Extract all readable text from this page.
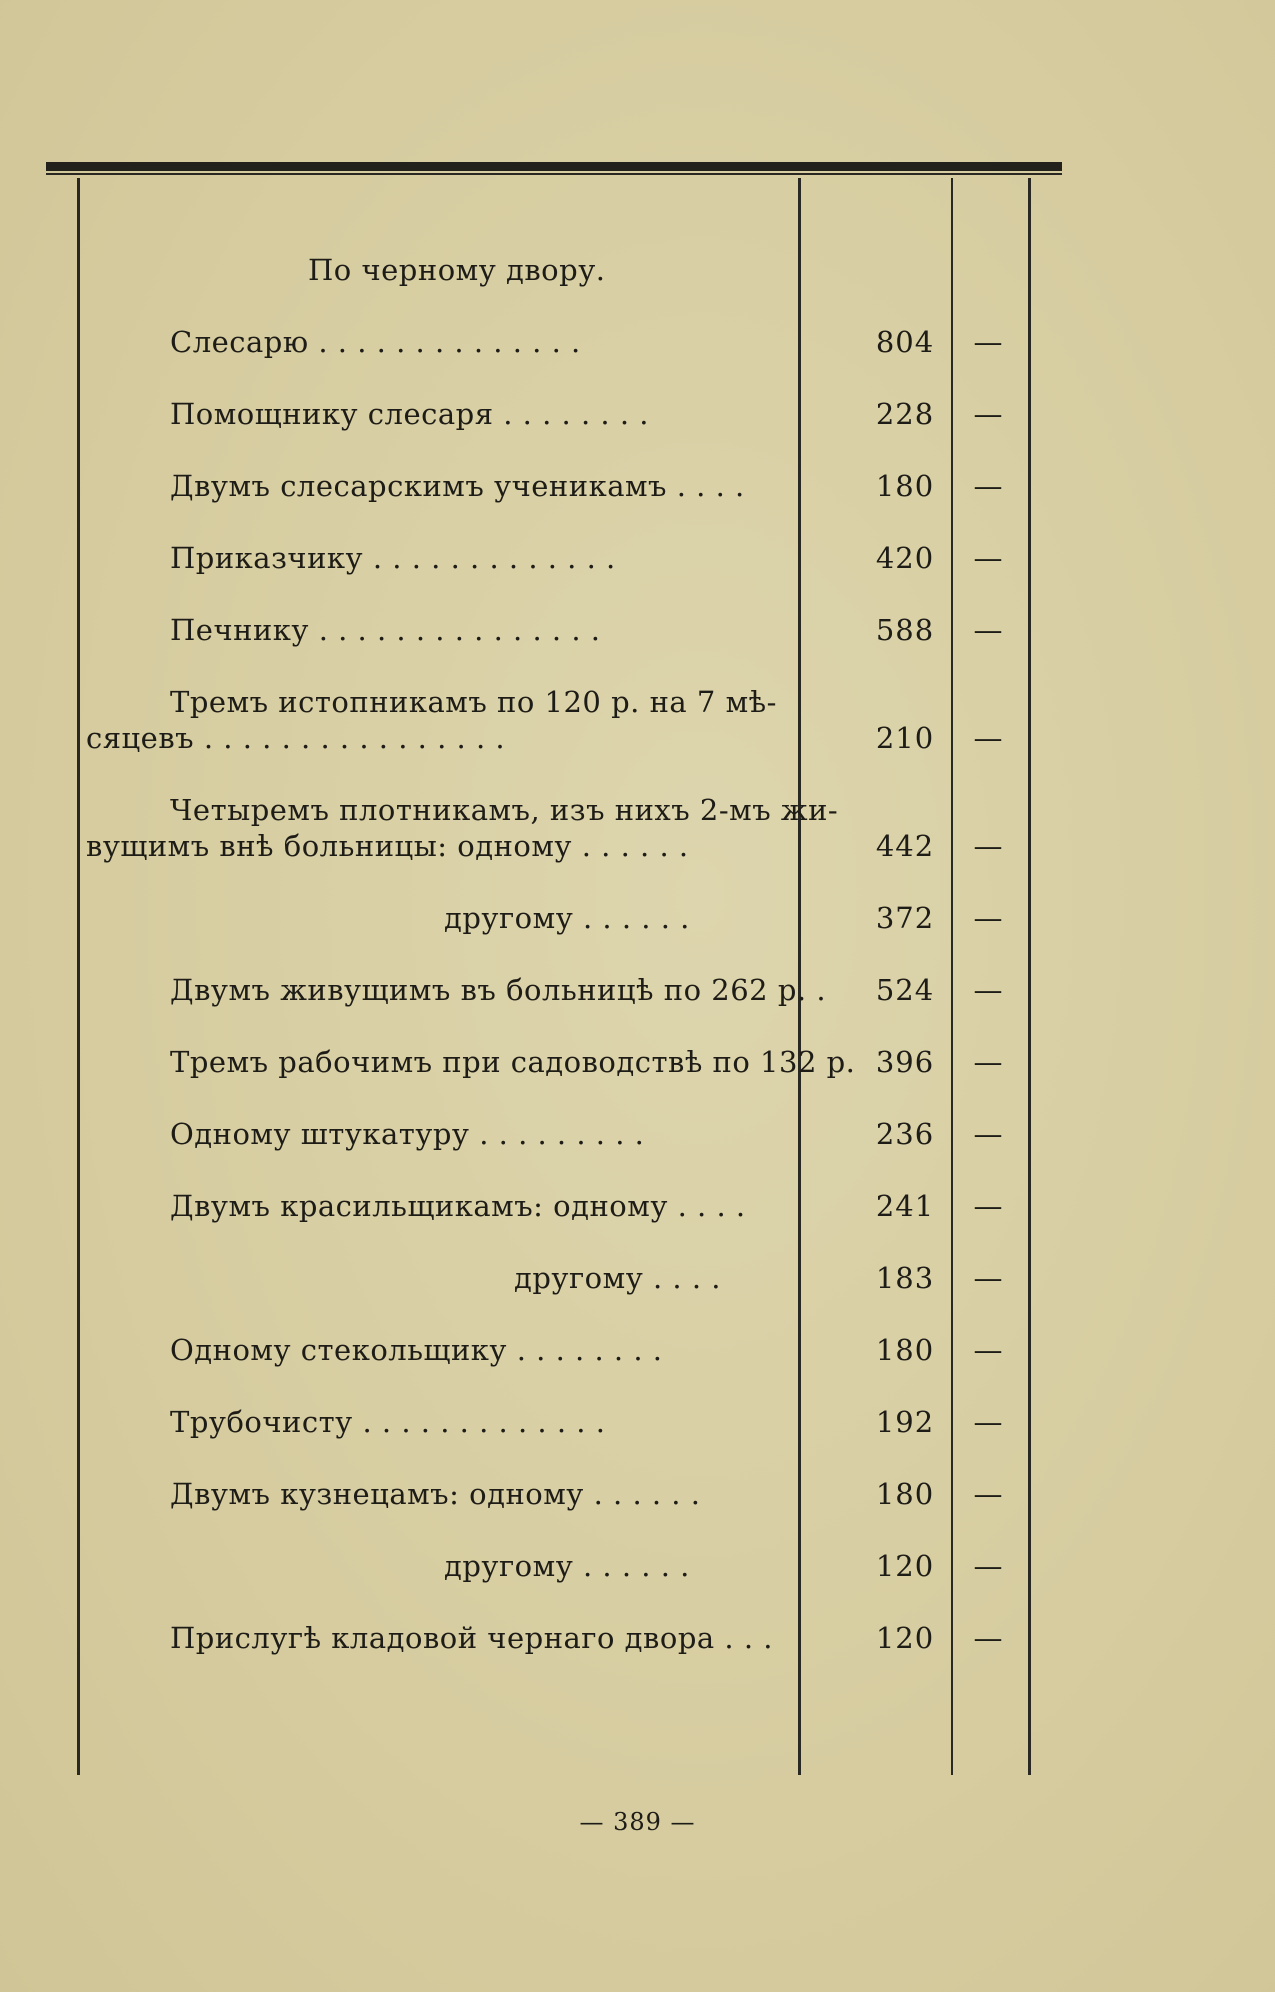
По черному двору.
Слесарю . . . . . . . . . . . . . .	804	—
Помощнику слесаря . . . . . . . .	228	—
Двумъ слесарскимъ ученикамъ . . . .	180	—
Приказчику . . . . . . . . . . . . .	420	—
Печнику . . . . . . . . . . . . . . .	588	—
Тремъ истопникамъ по 120 р. на 7 мѣ-
сяцевъ . . . . . . . . . . . . . . . .	210	—
Четыремъ плотникамъ, изъ нихъ 2-мъ жи-
вущимъ внѣ больницы: одному . . . . . .	442	—
другому . . . . . .	372	—
Двумъ живущимъ въ больницѣ по 262 р. .	524	—
Тремъ рабочимъ при садоводствѣ по 132 р. 396	—
Одному штукатуру . . . . . . . . .	236	—
Двумъ красильщикамъ: одному . . . .	241	—
другому . . . .	183	—
Одному стекольщику . . . . . . . .	180	—
Трубочисту . . . . . . . . . . . . .	192	—
Двумъ кузнецамъ: одному . . . . . .	180	—
другому . . . . . .	120	—
Прислугѣ кладовой чернаго двора . . .	120	—
— 389 —
